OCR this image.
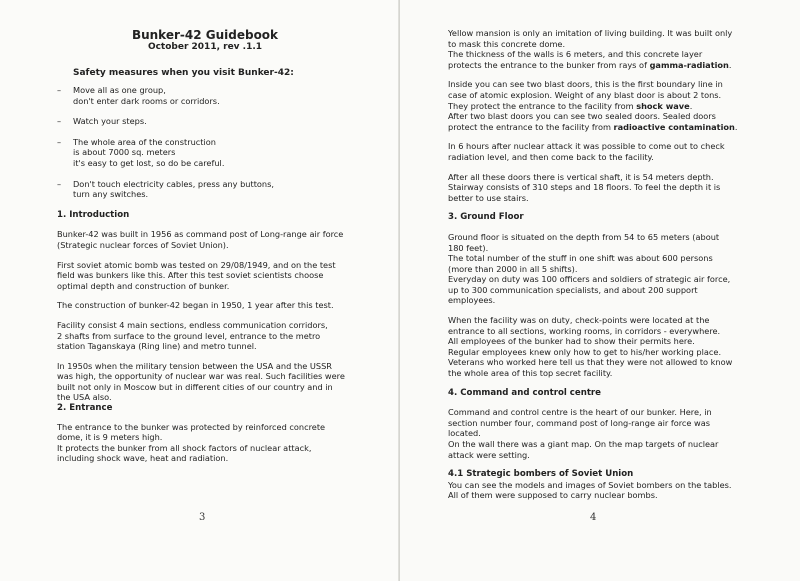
Bunker-42 Guidebook
October 2011, rev .1.1
Safety measures when you visit Bunker-42:
– Move all as one group,
don't enter dark rooms or corridors.
– Watch your steps.
– The whole area of the construction
is about 7000 sq. meters
it's easy to get lost, so do be careful.
– Don't touch electricity cables, press any buttons,
turn any switches.
1. Introduction
Bunker-42 was built in 1956 as command post of Long-range air force
(Strategic nuclear forces of Soviet Union).
First soviet atomic bomb was tested on 29/08/1949, and on the test
field was bunkers like this. After this test soviet scientists choose
optimal depth and construction of bunker.
The construction of bunker-42 began in 1950, 1 year after this test.
Facility consist 4 main sections, endless communication corridors,
2 shafts from surface to the ground level, entrance to the metro
station Taganskaya (Ring line) and metro tunnel.
In 1950s when the military tension between the USA and the USSR
was high, the opportunity of nuclear war was real. Such facilities were
built not only in Moscow but in different cities of our country and in
the USA also.
2. Entrance
The entrance to the bunker was protected by reinforced concrete
dome, it is 9 meters high.
It protects the bunker from all shock factors of nuclear attack,
including shock wave, heat and radiation.
3
Yellow mansion is only an imitation of living building. It was built only
to mask this concrete dome.
The thickness of the walls is 6 meters, and this concrete layer
protects the entrance to the bunker from rays of gamma-radiation.
Inside you can see two blast doors, this is the first boundary line in
case of atomic explosion. Weight of any blast door is about 2 tons.
They protect the entrance to the facility from shock wave.
After two blast doors you can see two sealed doors. Sealed doors
protect the entrance to the facility from radioactive contamination.
In 6 hours after nuclear attack it was possible to come out to check
radiation level, and then come back to the facility.
After all these doors there is vertical shaft, it is 54 meters depth.
Stairway consists of 310 steps and 18 floors. To feel the depth it is
better to use stairs.
3. Ground Floor
Ground floor is situated on the depth from 54 to 65 meters (about
180 feet).
The total number of the stuff in one shift was about 600 persons
(more than 2000 in all 5 shifts).
Everyday on duty was 100 officers and soldiers of strategic air force,
up to 300 communication specialists, and about 200 support
employees.
When the facility was on duty, check-points were located at the
entrance to all sections, working rooms, in corridors - everywhere.
All employees of the bunker had to show their permits here.
Regular employees knew only how to get to his/her working place.
Veterans who worked here tell us that they were not allowed to know
the whole area of this top secret facility.
4. Command and control centre
Command and control centre is the heart of our bunker. Here, in
section number four, command post of long-range air force was
located.
On the wall there was a giant map. On the map targets of nuclear
attack were setting.
4.1 Strategic bombers of Soviet Union
You can see the models and images of Soviet bombers on the tables.
All of them were supposed to carry nuclear bombs.
4
